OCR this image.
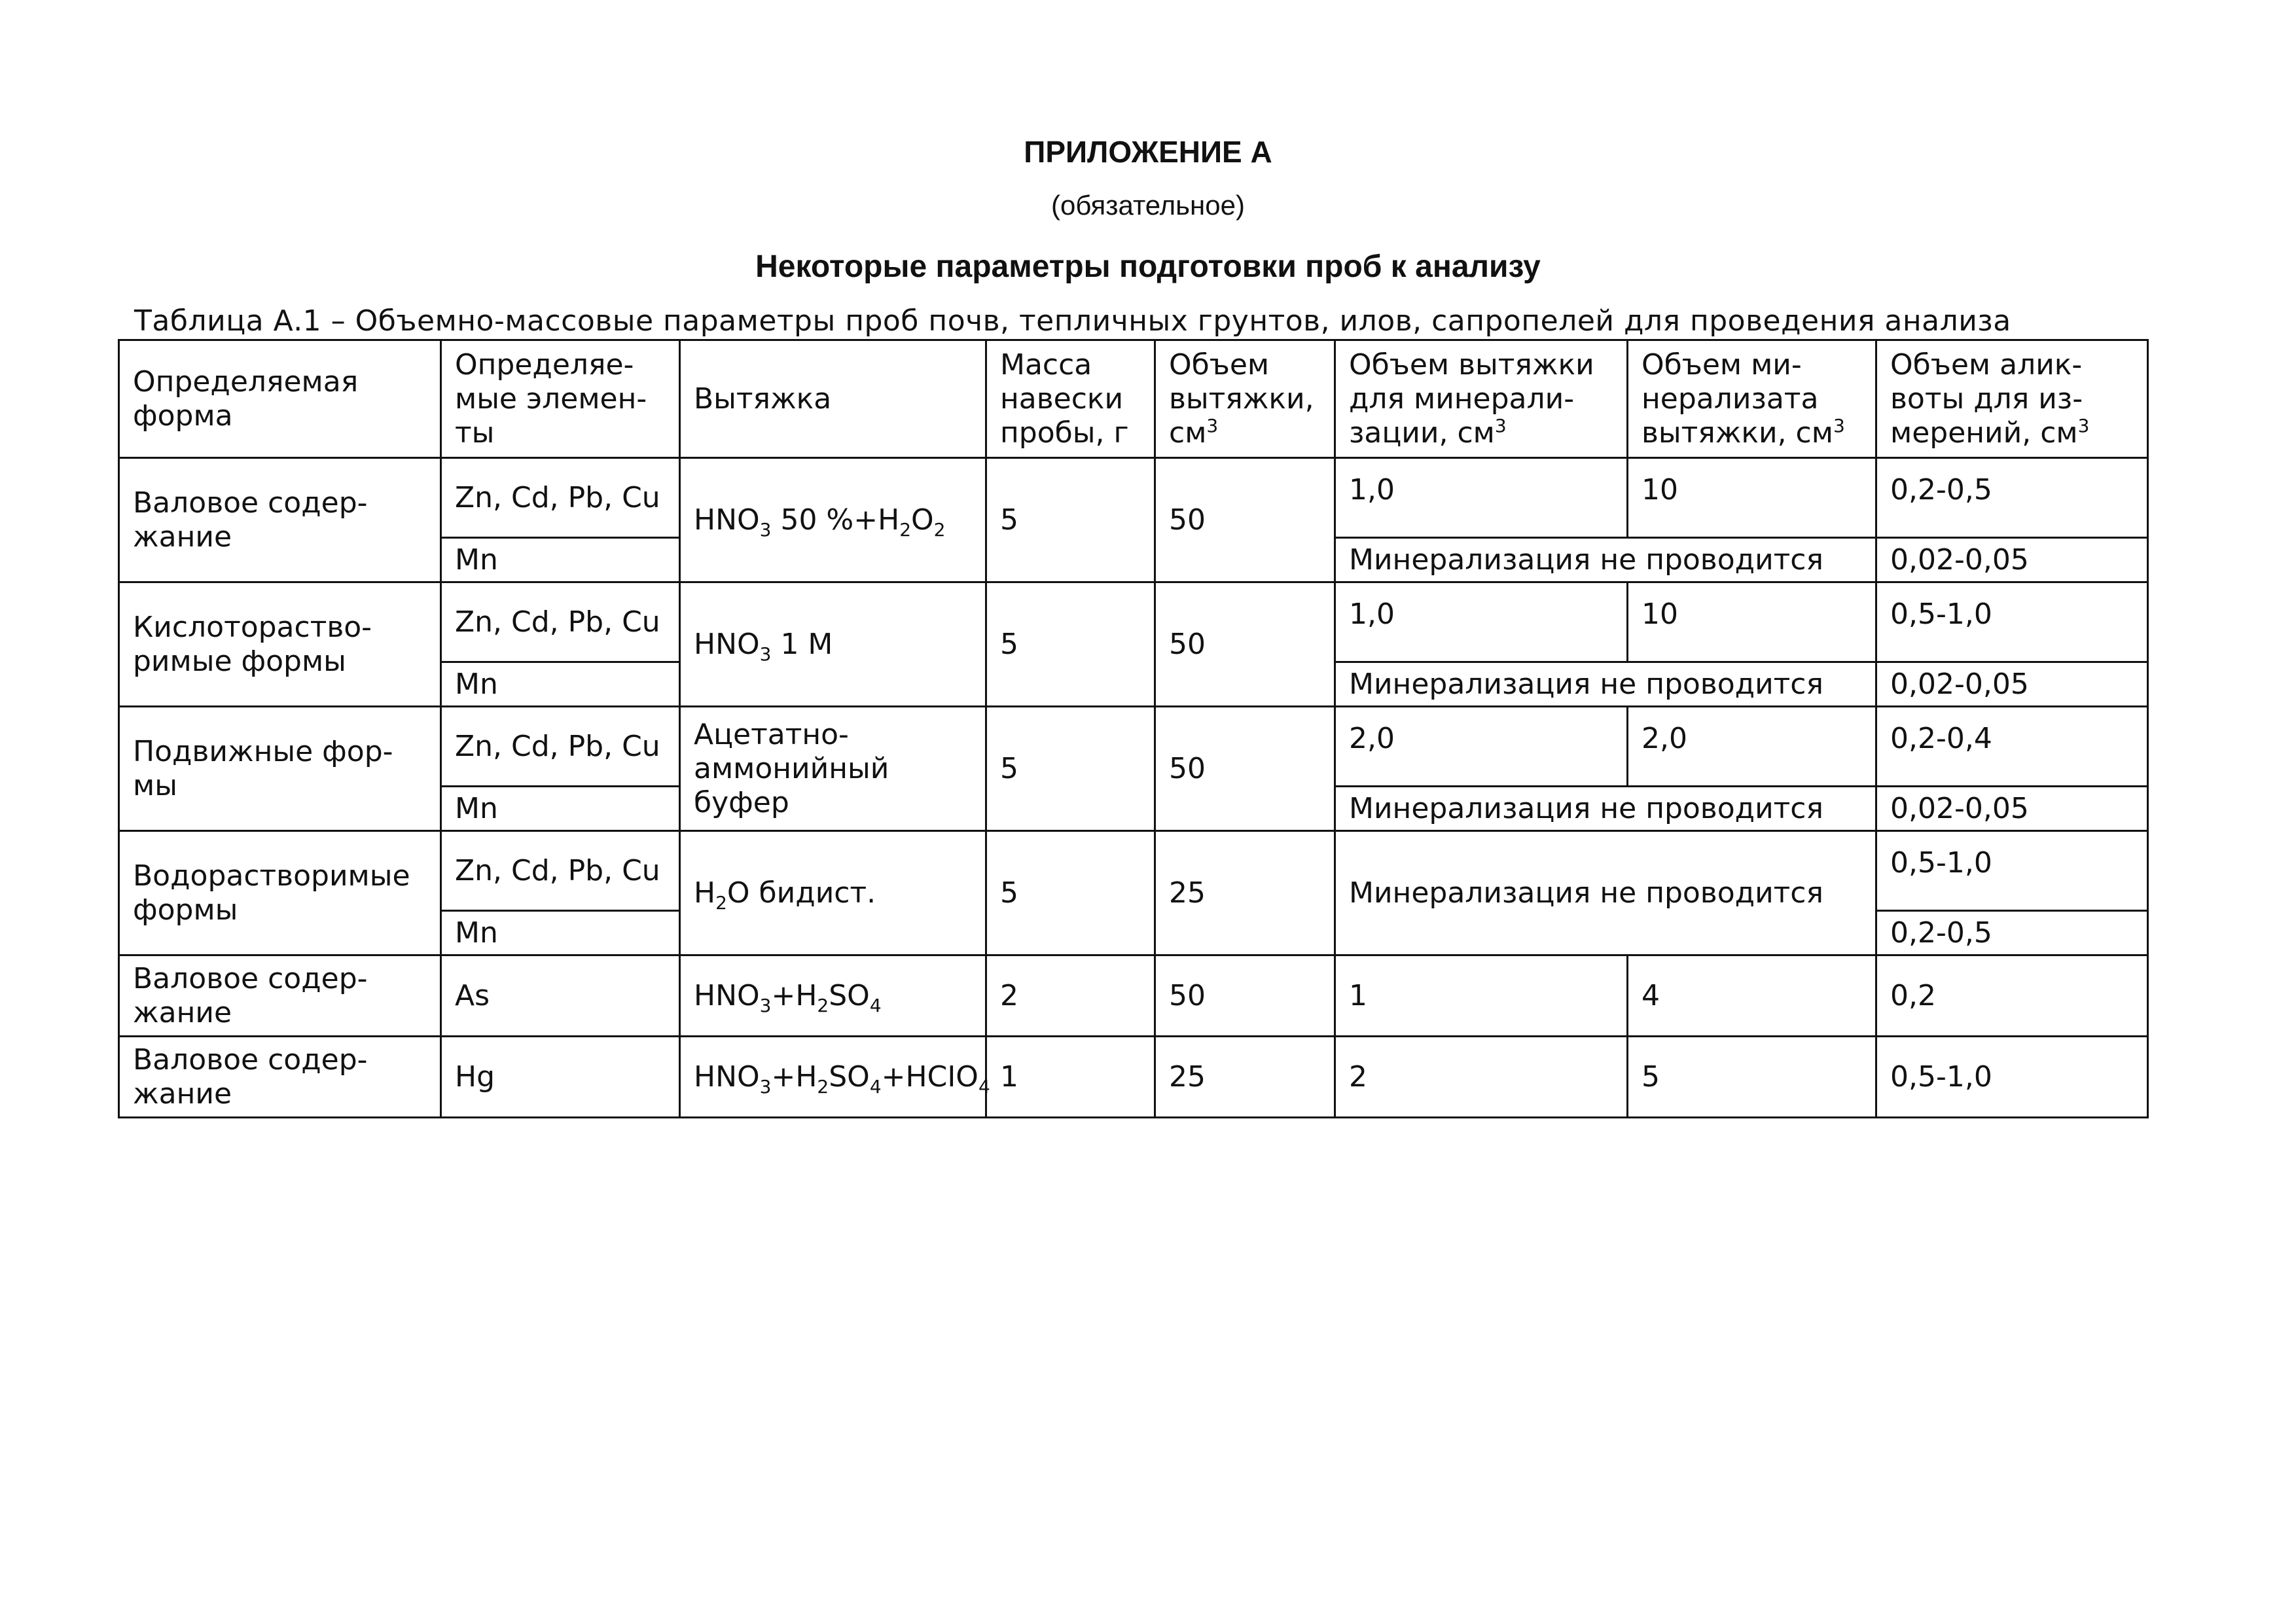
ПРИЛОЖЕНИЕ А
(обязательное)
Некоторые параметры подготовки проб к анализу
Таблица А.1 – Объемно-массовые параметры проб почв, тепличных грунтов, илов, сапропелей для проведения анализа
Определяемая форма	Определяе-мые элемен-ты	Вытяжка	Масса навески пробы, г	Объем вытяжки, $см^3$	Объем вытяжки для минерали-зации, $см^3$	Объем ми-нерализата вытяжки, $см^3$	Объем алик-воты для из-мерений, $см^3$
Валовое содер-жание	Zn, Cd, Pb, Cu	$HNO_3$ 50 $\%+H_2O_2$	5	50	1,0	10	0,2-0,5
	Mn				Минерализация не проводится		0,02-0,05
Кислотораство-римые формы	Zn, Cd, Pb, Cu	$HNO_3$ 1 М	5	50	1,0	10	0,5-1,0
	Mn				Минерализация не проводится		0,02-0,05
Подвижные фор-мы	Zn, Cd, Pb, Cu	Ацетатно-аммонийный буфер	5	50	2,0	2,0	0,2-0,4
	Mn				Минерализация не проводится		0,02-0,05
Водорастворимые формы	Zn, Cd, Pb, Cu	$H_2O$ бидист.	5	25	Минерализация не проводится		0,5-1,0
	Mn						0,2-0,5
Валовое содер-жание	As	$HNO_3+H_2SO_4$	2	50	1	4	0,2
Валовое содер-жание	Hg	$HNO_3+H_2SO_4+HCIO_4$	1	25	2	5	0,5-1,0
